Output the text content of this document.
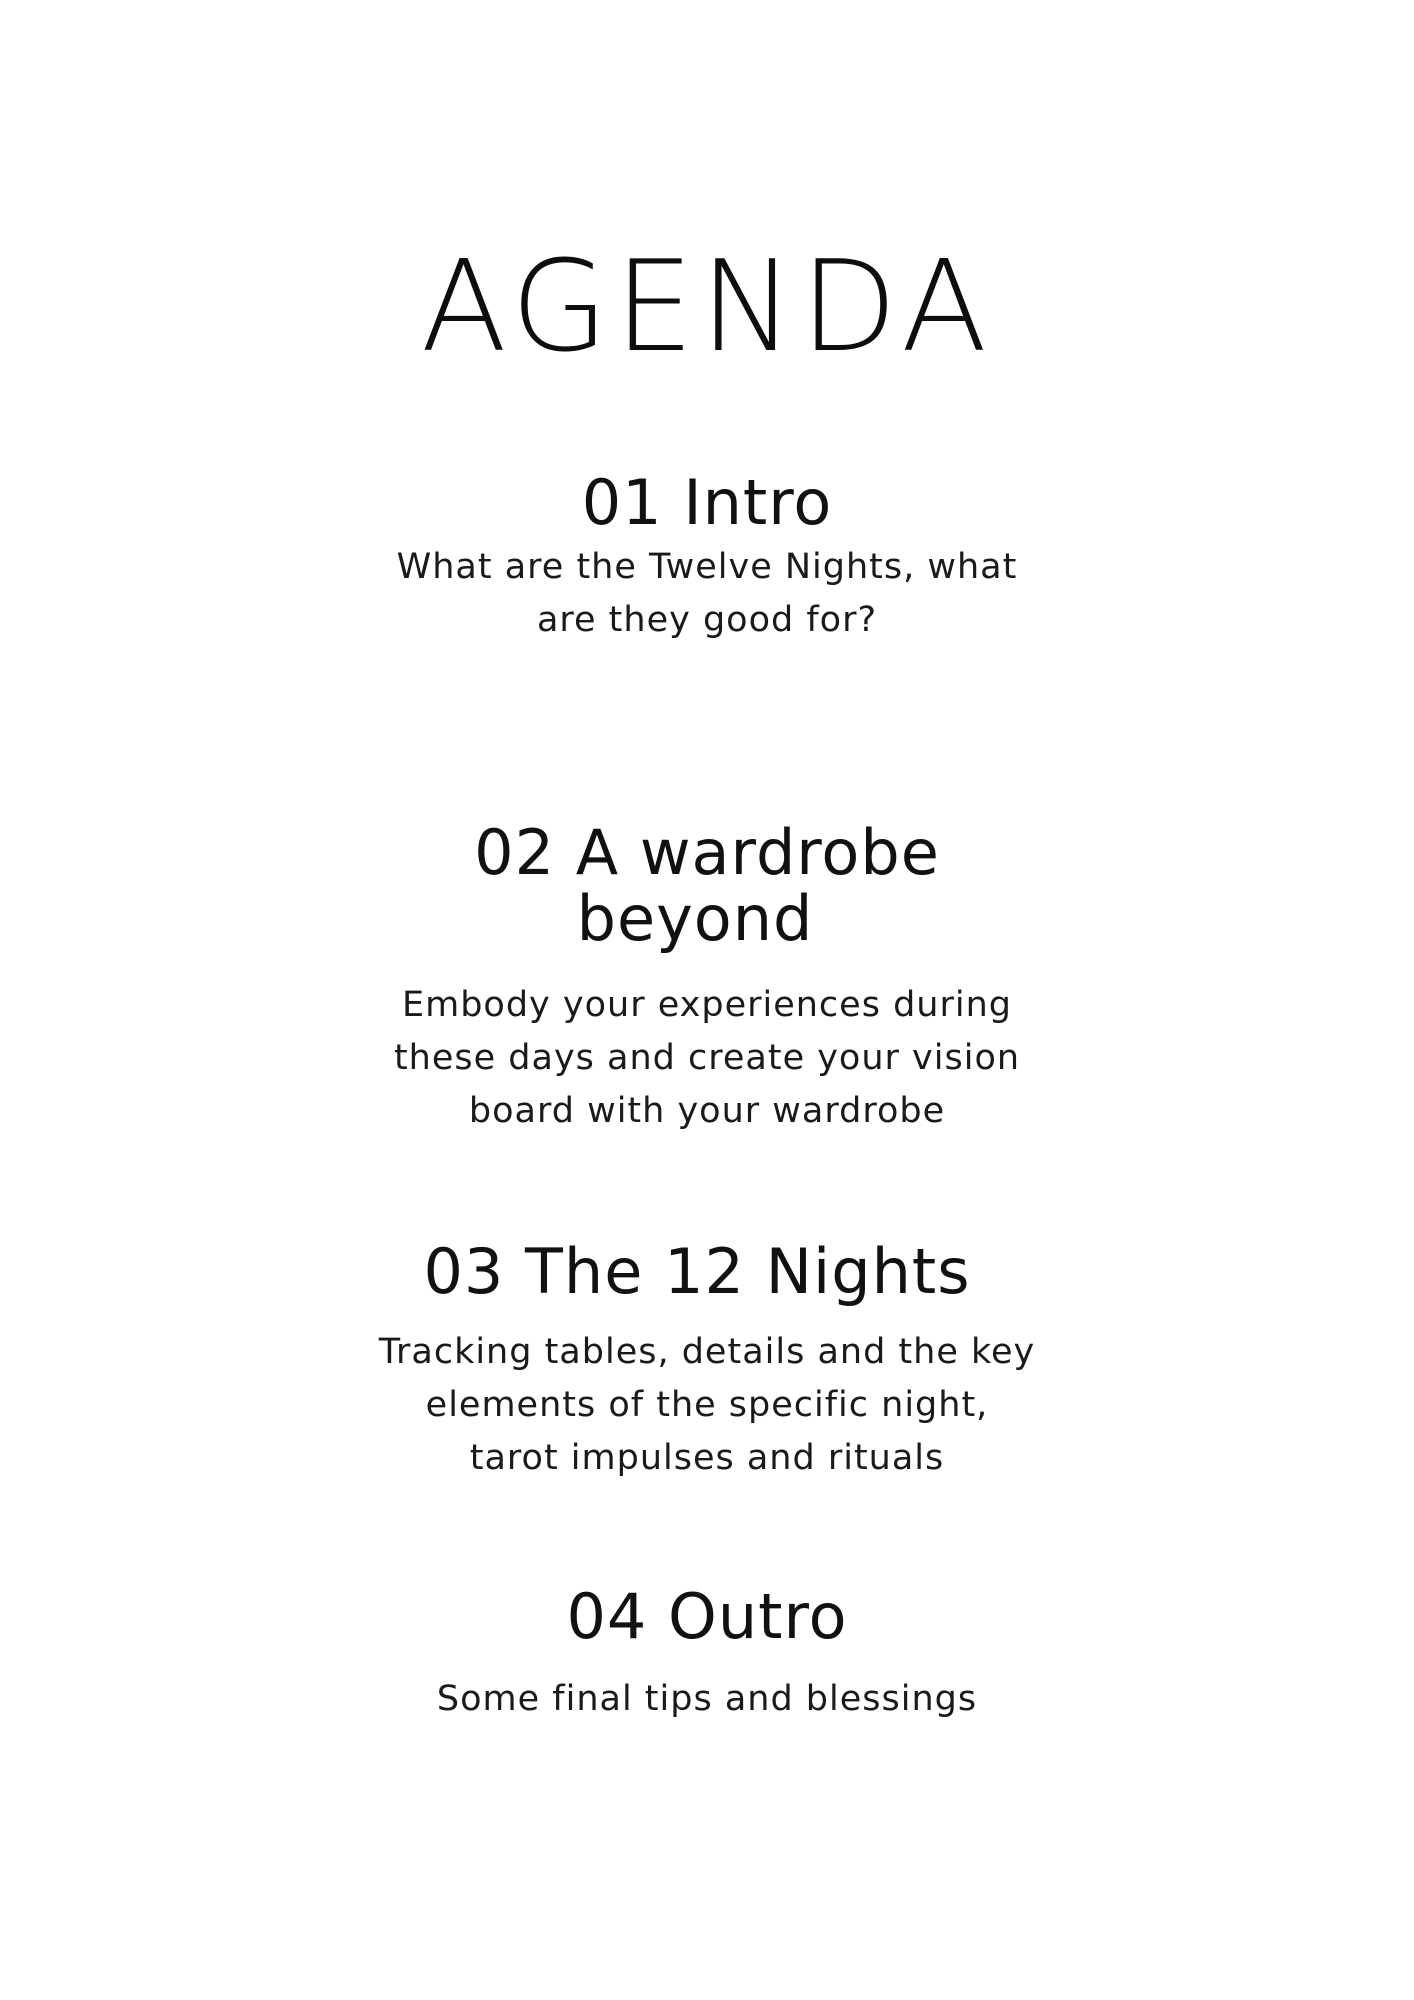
AGENDA
01 Intro
What are the Twelve Nights, what
are they good for?
02 A wardrobe
beyond
Embody your experiences during
these days and create your vision
board with your wardrobe
03 The 12 Nights
Tracking tables, details and the key
elements of the specific night,
tarot impulses and rituals
04 Outro
Some final tips and blessings
